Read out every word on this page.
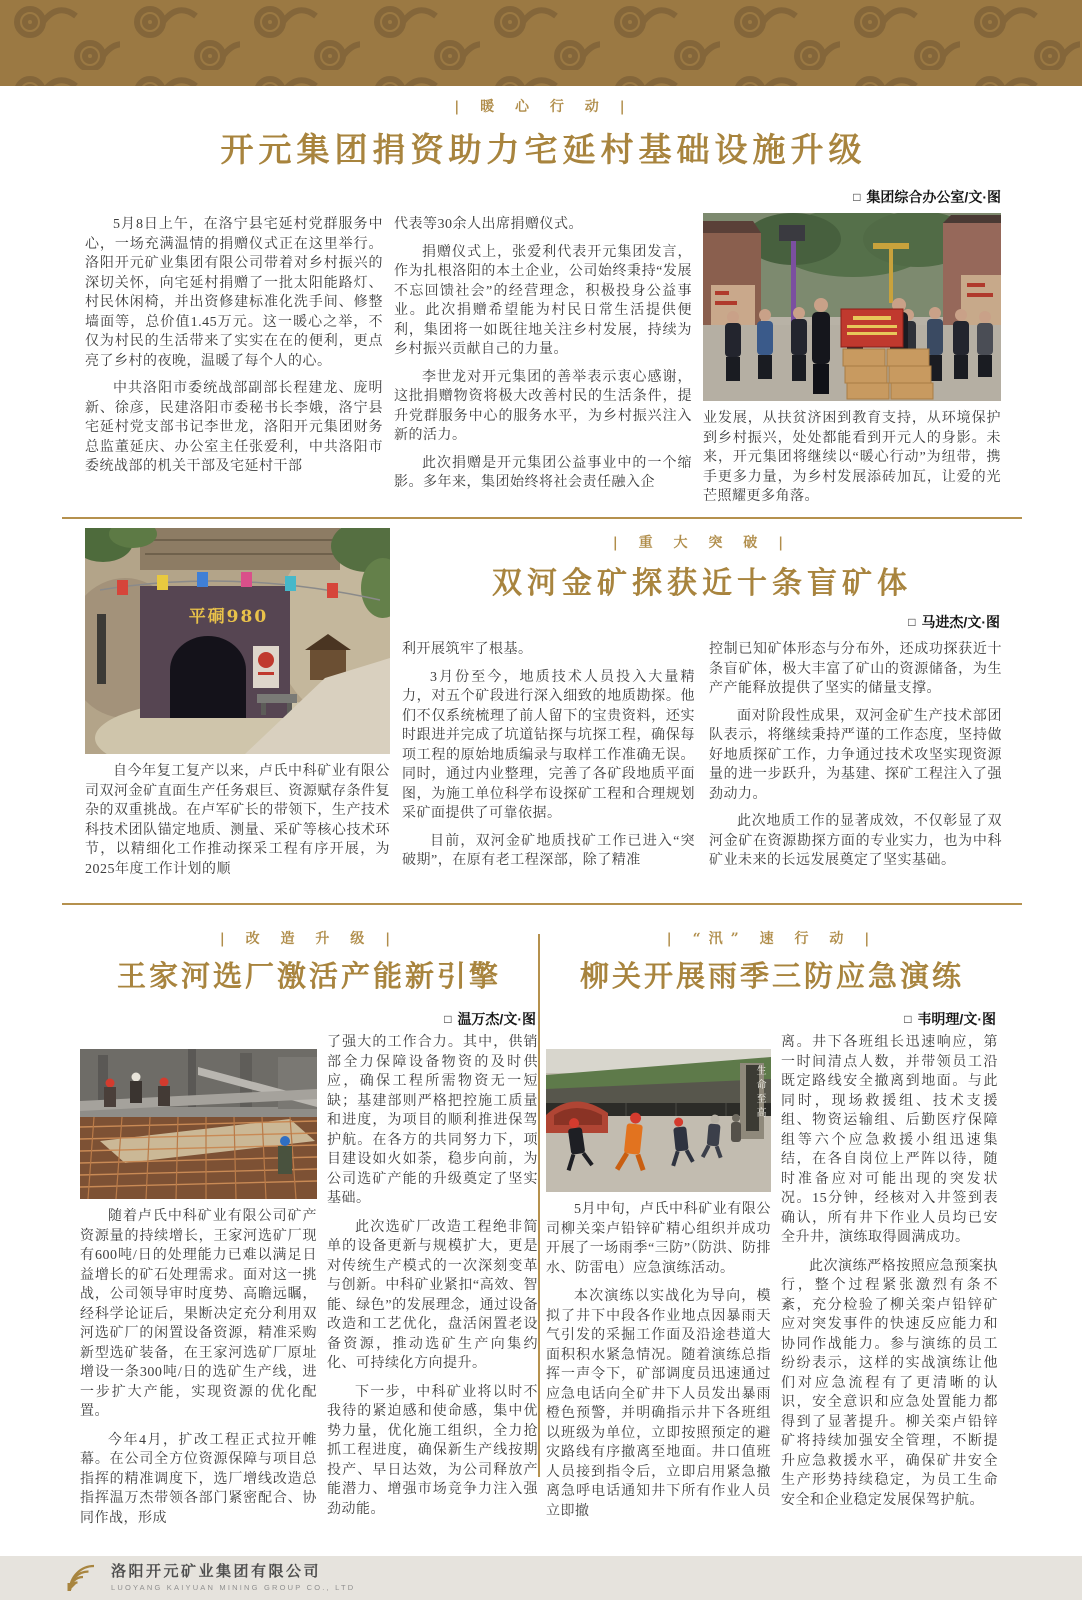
| 暖 心 行 动 |
开元集团捐资助力宅延村基础设施升级

5月8日上午，在洛宁县宅延村党群服务中心，一场充满温情的捐赠仪式正在这里举行。洛阳开元矿业集团有限公司带着对乡村振兴的深切关怀，向宅延村捐赠了一批太阳能路灯、村民休闲椅，并出资修建标准化洗手间、修整墙面等，总价值1.45万元。这一暖心之举，不仅为村民的生活带来了实实在在的便利，更点亮了乡村的夜晚，温暖了每个人的心。

中共洛阳市委统战部副部长程建龙、庞明新、徐彦，民建洛阳市委秘书长李娥，洛宁县宅延村党支部书记李世龙，洛阳开元集团财务总监董延庆、办公室主任张爱利，中共洛阳市委统战部的机关干部及宅延村干部

代表等30余人出席捐赠仪式。

捐赠仪式上，张爱利代表开元集团发言，作为扎根洛阳的本土企业，公司始终秉持“发展不忘回馈社会”的经营理念，积极投身公益事业。此次捐赠希望能为村民日常生活提供便利，集团将一如既往地关注乡村发展，持续为乡村振兴贡献自己的力量。

李世龙对开元集团的善举表示衷心感谢，这批捐赠物资将极大改善村民的生活条件，提升党群服务中心的服务水平，为乡村振兴注入新的活力。

此次捐赠是开元集团公益事业中的一个缩影。多年来，集团始终将社会责任融入企

□ 集团综合办公室/文·图

业发展，从扶贫济困到教育支持，从环境保护到乡村振兴，处处都能看到开元人的身影。未来，开元集团将继续以“暖心行动”为纽带，携手更多力量，为乡村发展添砖加瓦，让爱的光芒照耀更多角落。

平硐980

自今年复工复产以来，卢氏中科矿业有限公司双河金矿直面生产任务艰巨、资源赋存条件复杂的双重挑战。在卢军矿长的带领下，生产技术科技术团队锚定地质、测量、采矿等核心技术环节，以精细化工作推动探采工程有序开展，为2025年度工作计划的顺

| 重 大 突 破 |
双河金矿探获近十条盲矿体
□ 马进杰/文·图

利开展筑牢了根基。

3月份至今，地质技术人员投入大量精力，对五个矿段进行深入细致的地质勘探。他们不仅系统梳理了前人留下的宝贵资料，还实时跟进并完成了坑道钻探与坑探工程，确保每项工程的原始地质编录与取样工作准确无误。同时，通过内业整理，完善了各矿段地质平面图，为施工单位科学布设探矿工程和合理规划采矿面提供了可靠依据。

目前，双河金矿地质找矿工作已进入“突破期”，在原有老工程深部，除了精准

控制已知矿体形态与分布外，还成功探获近十条盲矿体，极大丰富了矿山的资源储备，为生产产能释放提供了坚实的储量支撑。

面对阶段性成果，双河金矿生产技术部团队表示，将继续秉持严谨的工作态度，坚持做好地质探矿工作，力争通过技术攻坚实现资源量的进一步跃升，为基建、探矿工程注入了强劲动力。

此次地质工作的显著成效，不仅彰显了双河金矿在资源勘探方面的专业实力，也为中科矿业未来的长远发展奠定了坚实基础。

| 改 造 升 级 |
王家河选厂激活产能新引擎

随着卢氏中科矿业有限公司矿产资源量的持续增长，王家河选矿厂现有600吨/日的处理能力已难以满足日益增长的矿石处理需求。面对这一挑战，公司领导审时度势、高瞻远瞩，经科学论证后，果断决定充分利用双河选矿厂的闲置设备资源，精准采购新型选矿装备，在王家河选矿厂原址增设一条300吨/日的选矿生产线，进一步扩大产能，实现资源的优化配置。

今年4月，扩改工程正式拉开帷幕。在公司全方位资源保障与项目总指挥的精准调度下，选厂增线改造总指挥温万杰带领各部门紧密配合、协同作战，形成

□ 温万杰/文·图

了强大的工作合力。其中，供销部全力保障设备物资的及时供应，确保工程所需物资无一短缺；基建部则严格把控施工质量和进度，为项目的顺利推进保驾护航。在各方的共同努力下，项目建设如火如荼，稳步向前，为公司选矿产能的升级奠定了坚实基础。

此次选矿厂改造工程绝非简单的设备更新与规模扩大，更是对传统生产模式的一次深刻变革与创新。中科矿业紧扣“高效、智能、绿色”的发展理念，通过设备改造和工艺优化，盘活闲置老设备资源，推动选矿生产向集约化、可持续化方向提升。

下一步，中科矿业将以时不我待的紧迫感和使命感，集中优势力量，优化施工组织，全力抢抓工程进度，确保新生产线按期投产、早日达效，为公司释放产能潜力、增强市场竞争力注入强劲动能。

| “汛” 速 行 动 |
柳关开展雨季三防应急演练
生命至高

5月中旬，卢氏中科矿业有限公司柳关栾卢铅锌矿精心组织并成功开展了一场雨季“三防”（防洪、防排水、防雷电）应急演练活动。

本次演练以实战化为导向，模拟了井下中段各作业地点因暴雨天气引发的采掘工作面及沿途巷道大面积积水紧急情况。随着演练总指挥一声令下，矿部调度员迅速通过应急电话向全矿井下人员发出暴雨橙色预警，并明确指示井下各班组以班级为单位，立即按照预定的避灾路线有序撤离至地面。井口值班人员接到指令后，立即启用紧急撤离急呼电话通知井下所有作业人员立即撤

□ 韦明理/文·图

离。井下各班组长迅速响应，第一时间清点人数，并带领员工沿既定路线安全撤离到地面。与此同时，现场救援组、技术支援组、物资运输组、后勤医疗保障组等六个应急救援小组迅速集结，在各自岗位上严阵以待，随时准备应对可能出现的突发状况。15分钟，经核对入井签到表确认，所有井下作业人员均已安全升井，演练取得圆满成功。

此次演练严格按照应急预案执行，整个过程紧张激烈有条不紊，充分检验了柳关栾卢铅锌矿应对突发事件的快速反应能力和协同作战能力。参与演练的员工纷纷表示，这样的实战演练让他们对应急流程有了更清晰的认识，安全意识和应急处置能力都得到了显著提升。柳关栾卢铅锌矿将持续加强安全管理，不断提升应急救援水平，确保矿井安全生产形势持续稳定，为员工生命安全和企业稳定发展保驾护航。

洛阳开元矿业集团有限公司
LUOYANG KAIYUAN MINING GROUP CO., LTD
